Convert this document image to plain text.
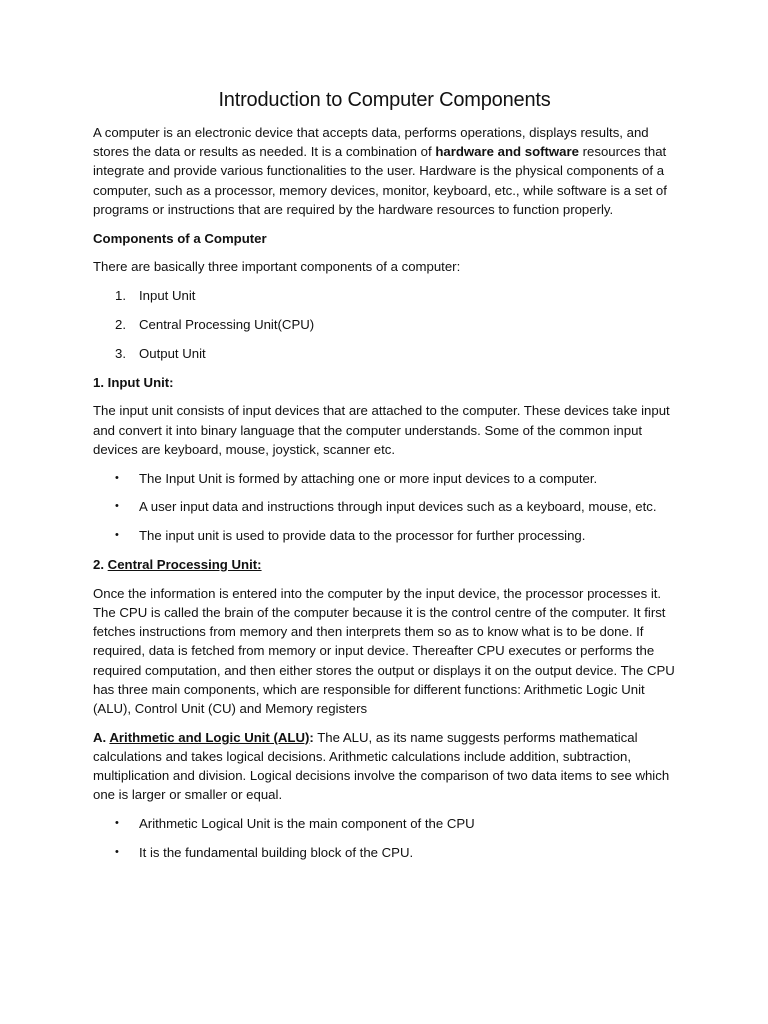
Introduction to Computer Components

A computer is an electronic device that accepts data, performs operations, displays results, and stores the data or results as needed. It is a combination of hardware and software resources that integrate and provide various functionalities to the user. Hardware is the physical components of a computer, such as a processor, memory devices, monitor, keyboard, etc., while software is a set of programs or instructions that are required by the hardware resources to function properly.

Components of a Computer

There are basically three important components of a computer:

1. Input Unit
2. Central Processing Unit(CPU)
3. Output Unit

1. Input Unit:

The input unit consists of input devices that are attached to the computer. These devices take input and convert it into binary language that the computer understands. Some of the common input devices are keyboard, mouse, joystick, scanner etc.

• The Input Unit is formed by attaching one or more input devices to a computer.
• A user input data and instructions through input devices such as a keyboard, mouse, etc.
• The input unit is used to provide data to the processor for further processing.

2. Central Processing Unit:

Once the information is entered into the computer by the input device, the processor processes it. The CPU is called the brain of the computer because it is the control centre of the computer. It first fetches instructions from memory and then interprets them so as to know what is to be done. If required, data is fetched from memory or input device. Thereafter CPU executes or performs the required computation, and then either stores the output or displays it on the output device. The CPU has three main components, which are responsible for different functions: Arithmetic Logic Unit (ALU), Control Unit (CU) and Memory registers

A. Arithmetic and Logic Unit (ALU): The ALU, as its name suggests performs mathematical calculations and takes logical decisions. Arithmetic calculations include addition, subtraction, multiplication and division. Logical decisions involve the comparison of two data items to see which one is larger or smaller or equal.

• Arithmetic Logical Unit is the main component of the CPU
• It is the fundamental building block of the CPU.
